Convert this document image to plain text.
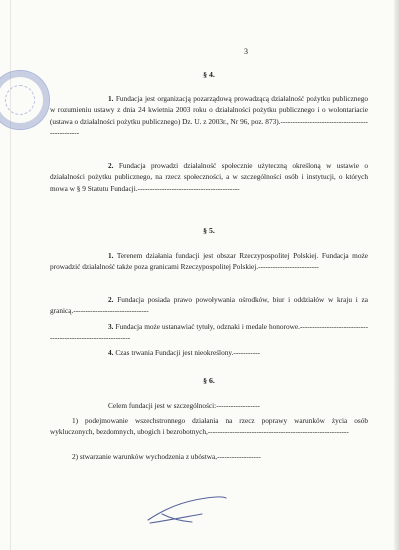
3
§ 4.
1. Fundacja jest organizacją pozarządową prowadzącą działalność pożytku publicznego w rozumieniu ustawy z dnia 24 kwietnia 2003 roku o działalności pożytku publicznego i o wolontariacie (ustawa o działalności pożytku publicznego) Dz. U. z 2003r., Nr 96, poz. 873).------------------------------------------------
2. Fundacja prowadzi działalność społecznie użyteczną określoną w ustawie o działalności pożytku publicznego, na rzecz społeczności, a w szczególności osób i instytucji, o których mowa w § 9 Statutu Fundacji.------------------------------------------
§ 5.
1. Terenem działania fundacji jest obszar Rzeczypospolitej Polskiej. Fundacja może prowadzić działalność także poza granicami Rzeczypospolitej Polskiej.-------------------------
2. Fundacja posiada prawo powoływania ośrodków, biur i oddziałów w kraju i za granicą.-------------------------------
3. Fundacja może ustanawiać tytuły, odznaki i medale honorowe.-------------------------------------------------------------
4. Czas trwania Fundacji jest nieokreślony.-----------
§ 6.
Celem fundacji jest w szczególności:------------------
1) podejmowanie wszechstronnego działania na rzecz poprawy warunków życia osób wykluczonych, bezdomnych, ubogich i bezrobotnych,----------------------------------------------------------
2) stwarzanie warunków wychodzenia z ubóstwa,------------------
